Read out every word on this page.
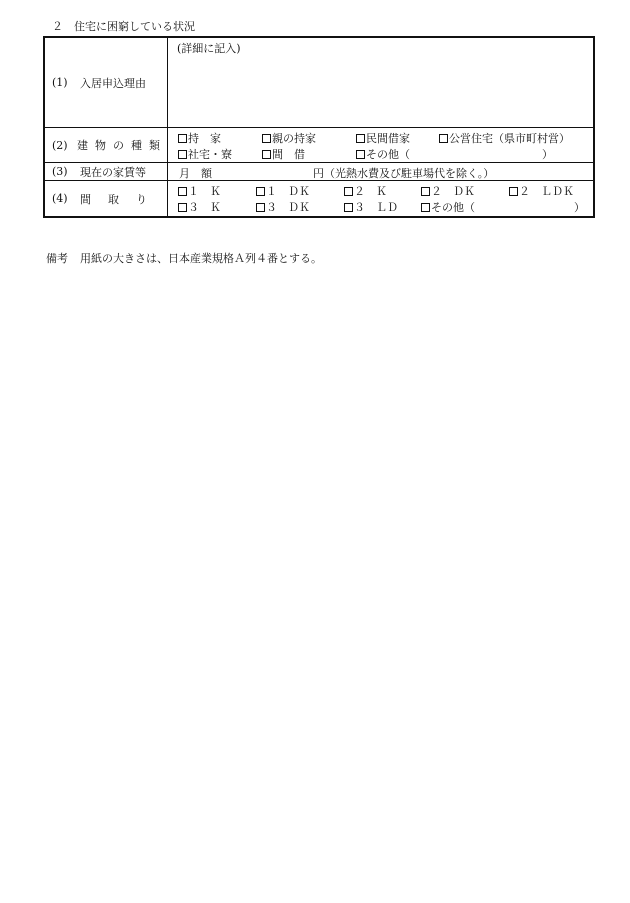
２　住宅に困窮している状況
(1)	入居申込理由
(詳細に記入)
(2) 建物の種類
持　家	親の持家	民間借家	公営住宅（県市町村営）
社宅・寮	間　借	その他（　　　　　　　　　　　　）
(3)	現在の家賃等	月　額	円（光熱水費及び駐車場代を除く。）
(4)	間取り
１　Ｋ	１　ＤＫ	２　Ｋ	２　ＤＫ	２　ＬＤＫ
３　Ｋ	３　ＤＫ	３　ＬＤ	その他（　　　　　　　　　）
備考 用紙の大きさは、日本産業規格Ａ列４番とする。
